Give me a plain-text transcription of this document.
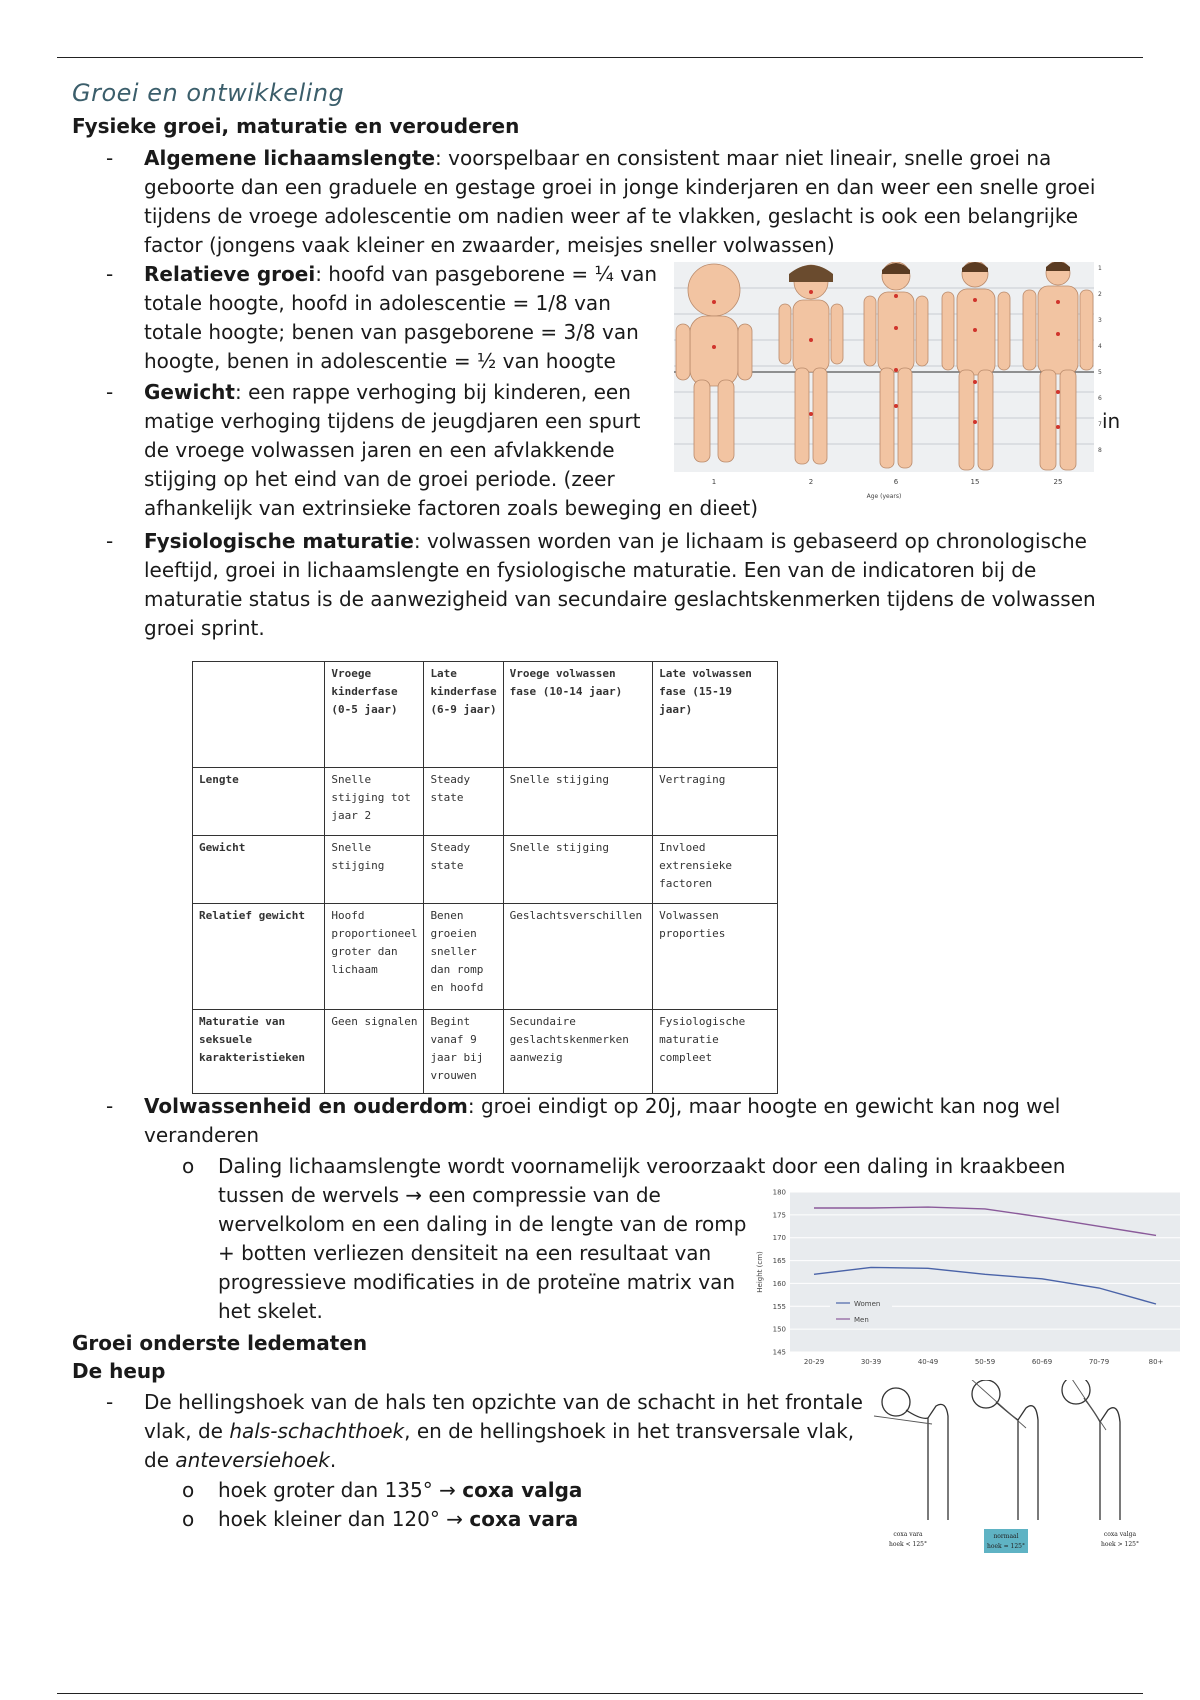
Groei en ontwikkeling
Fysieke groei, maturatie en verouderen
- Algemene lichaamslengte: voorspelbaar en consistent maar niet lineair, snelle groei na
geboorte dan een graduele en gestage groei in jonge kinderjaren en dan weer een snelle groei
tijdens de vroege adolescentie om nadien weer af te vlakken, geslacht is ook een belangrijke
factor (jongens vaak kleiner en zwaarder, meisjes sneller volwassen)
- Relatieve groei: hoofd van pasgeborene = ¼ van
totale hoogte, hoofd in adolescentie = 1/8 van
totale hoogte; benen van pasgeborene = 3/8 van
hoogte, benen in adolescentie = ½ van hoogte
- Gewicht: een rappe verhoging bij kinderen, een
matige verhoging tijdens de jeugdjaren een spurt
de vroege volwassen jaren en een afvlakkende
stijging op het eind van de groei periode. (zeer
afhankelijk van extrinsieke factoren zoals beweging en dieet)
in
1
2
3
4
5
6
7
8
1	2	6	15	25
Age (years)
- Fysiologische maturatie: volwassen worden van je lichaam is gebaseerd op chronologische
leeftijd, groei in lichaamslengte en fysiologische maturatie. Een van de indicatoren bij de
maturatie status is de aanwezigheid van secundaire geslachtskenmerken tijdens de volwassen
groei sprint.
	Vroege kinderfase (0-5 jaar)	Late kinderfase (6-9 jaar)	Vroege volwassen fase (10-14 jaar)	Late volwassen fase (15-19 jaar)
Lengte	Snelle stijging tot jaar 2	Steady state	Snelle stijging	Vertraging
Gewicht	Snelle stijging	Steady state	Snelle stijging	Invloed extrensieke factoren
Relatief gewicht	Hoofd proportioneel groter dan lichaam	Benen groeien sneller dan romp en hoofd	Geslachtsverschillen	Volwassen proporties
Maturatie van seksuele karakteristieken	Geen signalen	Begint vanaf 9 jaar bij vrouwen	Secundaire geslachtskenmerken aanwezig	Fysiologische maturatie compleet
- Volwassenheid en ouderdom: groei eindigt op 20j, maar hoogte en gewicht kan nog wel
veranderen
o Daling lichaamslengte wordt voornamelijk veroorzaakt door een daling in kraakbeen
tussen de wervels → een compressie van de
wervelkolom en een daling in de lengte van de romp
+ botten verliezen densiteit na een resultaat van
progressieve modificaties in de proteïne matrix van
het skelet.
145
150
155
160
165
170
175
180
20-29	30-39	40-49	50-59	60-69	70-79	80+
Height (cm)
Women
Men
Groei onderste ledematen
De heup
- De hellingshoek van de hals ten opzichte van de schacht in het frontale
vlak, de hals-schachthoek, en de hellingshoek in het transversale vlak,
de anteversiehoek.
o hoek groter dan 135° → coxa valga
o hoek kleiner dan 120° → coxa vara
coxa vara
hoek < 125°
normaal
hoek = 125°
coxa valga
hoek > 125°
